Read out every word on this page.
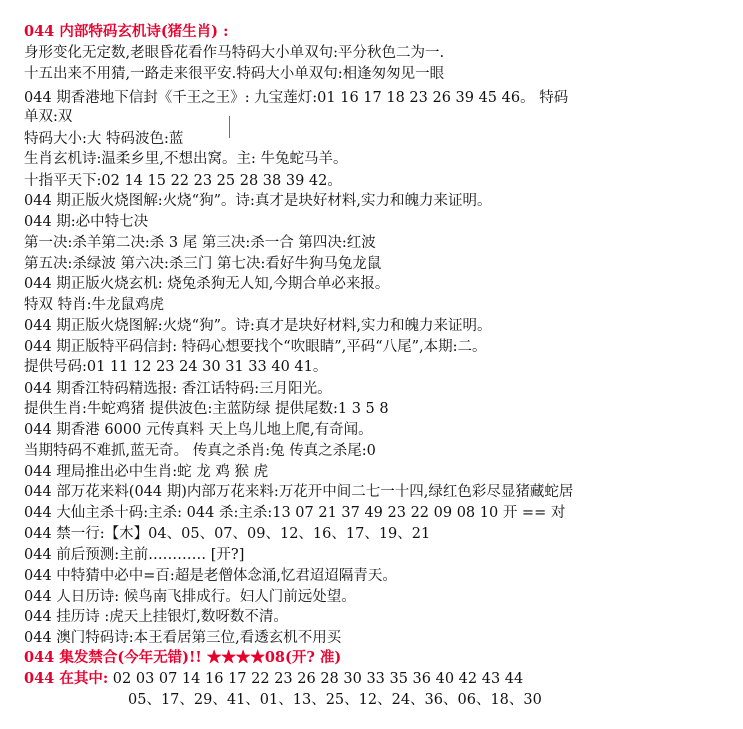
044 内部特码玄机诗(猪生肖) :
身形变化无定数,老眼昏花看作马特码大小单双句:平分秋色二为一.
十五出来不用猜,一路走来很平安.特码大小单双句:相逢匆匆见一眼
044 期香港地下信封《千王之王》: 九宝莲灯:01 16 17 18 23 26 39 45 46。 特码
单双:双
特码大小:大 特码波色:蓝
生肖玄机诗:温柔乡里,不想出窝。主: 牛兔蛇马羊。
十指平天下:02 14 15 22 23 25 28 38 39 42。
044 期正版火烧图解:火烧“狗”。诗:真才是块好材料,实力和魄力来证明。
044 期:必中特七决
第一决:杀羊第二决:杀 3 尾 第三决:杀一合 第四决:红波
第五决:杀绿波 第六决:杀三门 第七决:看好牛狗马兔龙鼠
044 期正版火烧玄机: 烧兔杀狗无人知,今期合单必来报。
特双 特肖:牛龙鼠鸡虎
044 期正版火烧图解:火烧“狗”。诗:真才是块好材料,实力和魄力来证明。
044 期正版特平码信封: 特码心想要找个“吹眼睛”,平码“八尾”,本期:二。
提供号码:01 11 12 23 24 30 31 33 40 41。
044 期香江特码精选报: 香江话特码:三月阳光。
提供生肖:牛蛇鸡猪 提供波色:主蓝防绿 提供尾数:1 3 5 8
044 期香港 6000 元传真料 天上鸟儿地上爬,有奇闻。
当期特码不难抓,蓝无奇。 传真之杀肖:兔 传真之杀尾:0
044 理局推出必中生肖:蛇 龙 鸡 猴 虎
044 部万花来料(044 期)内部万花来料:万花开中间二七一十四,绿红色彩尽显猪藏蛇居
044 大仙主杀十码:主杀: 044 杀:主杀:13 07 21 37 49 23 22 09 08 10 开 == 对
044 禁一行:【木】04、05、07、09、12、16、17、19、21
044 前后预测:主前………… [开?]
044 中特猜中必中=百:超是老僧体念涌,忆君迢迢隔青天。
044 人日历诗: 候鸟南飞排成行。妇人门前远处望。
044 挂历诗 :虎天上挂银灯,数呀数不清。
044 澳门特码诗:本王看居第三位,看透玄机不用买
044 集发禁合(今年无错)!! ★★★★08(开? 准)
044 在其中: 02 03 07 14 16 17 22 23 26 28 30 33 35 36 40 42 43 44
05、17、29、41、01、13、25、12、24、36、06、18、30
